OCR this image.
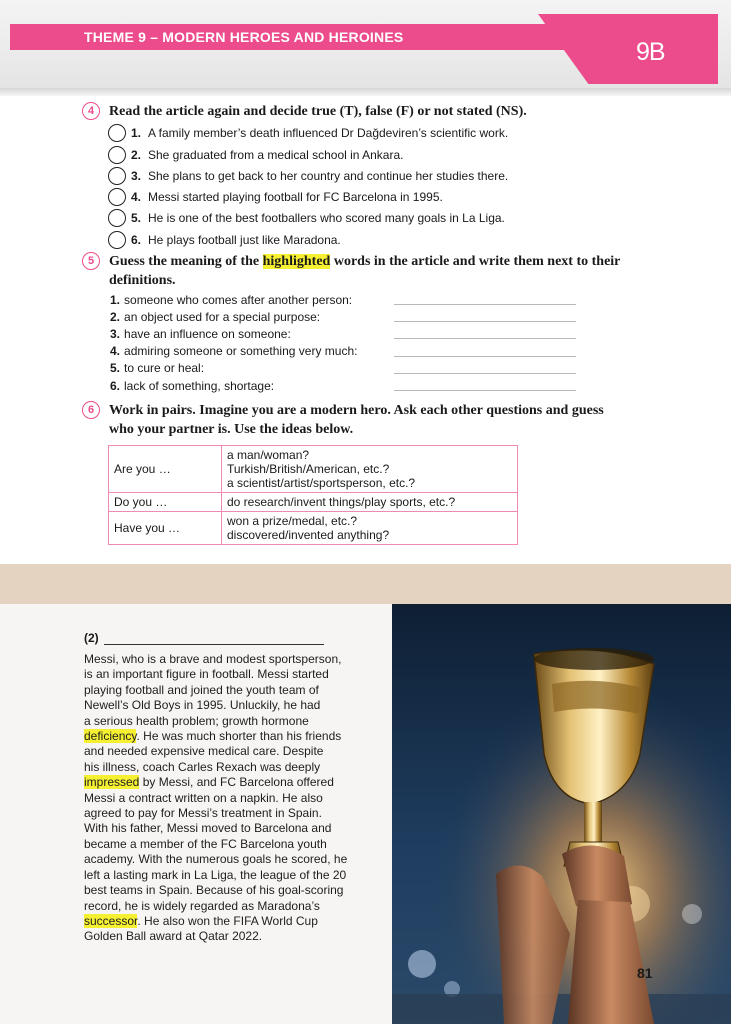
THEME 9 – MODERN HEROES AND HEROINES
9B
4	Read the article again and decide true (T), false (F) or not stated (NS).
1. A family member’s death influenced Dr Dağdeviren’s scientific work.
2. She graduated from a medical school in Ankara.
3. She plans to get back to her country and continue her studies there.
4. Messi started playing football for FC Barcelona in 1995.
5. He is one of the best footballers who scored many goals in La Liga.
6. He plays football just like Maradona.
5	Guess the meaning of the highlighted words in the article and write them next to their
definitions.
1. someone who comes after another person:
2. an object used for a special purpose:
3. have an influence on someone:
4. admiring someone or something very much:
5. to cure or heal:
6. lack of something, shortage:
6	Work in pairs. Imagine you are a modern hero. Ask each other questions and guess
who your partner is. Use the ideas below.
Are you …	a man/woman?
Turkish/British/American, etc.?
a scientist/artist/sportsperson, etc.?
Do you …	do research/invent things/play sports, etc.?
Have you …	won a prize/medal, etc.?
discovered/invented anything?
(2)

Messi, who is a brave and modest sportsperson,

is an important figure in football. Messi started

playing football and joined the youth team of

Newell’s Old Boys in 1995. Unluckily, he had

a serious health problem; growth hormone

deficiency. He was much shorter than his friends

and needed expensive medical care. Despite

his illness, coach Carles Rexach was deeply

impressed by Messi, and FC Barcelona offered

Messi a contract written on a napkin. He also

agreed to pay for Messi’s treatment in Spain.

With his father, Messi moved to Barcelona and

became a member of the FC Barcelona youth

academy. With the numerous goals he scored, he

left a lasting mark in La Liga, the league of the 20

best teams in Spain. Because of his goal-scoring

record, he is widely regarded as Maradona’s

successor. He also won the FIFA World Cup

Golden Ball award at Qatar 2022.

81
